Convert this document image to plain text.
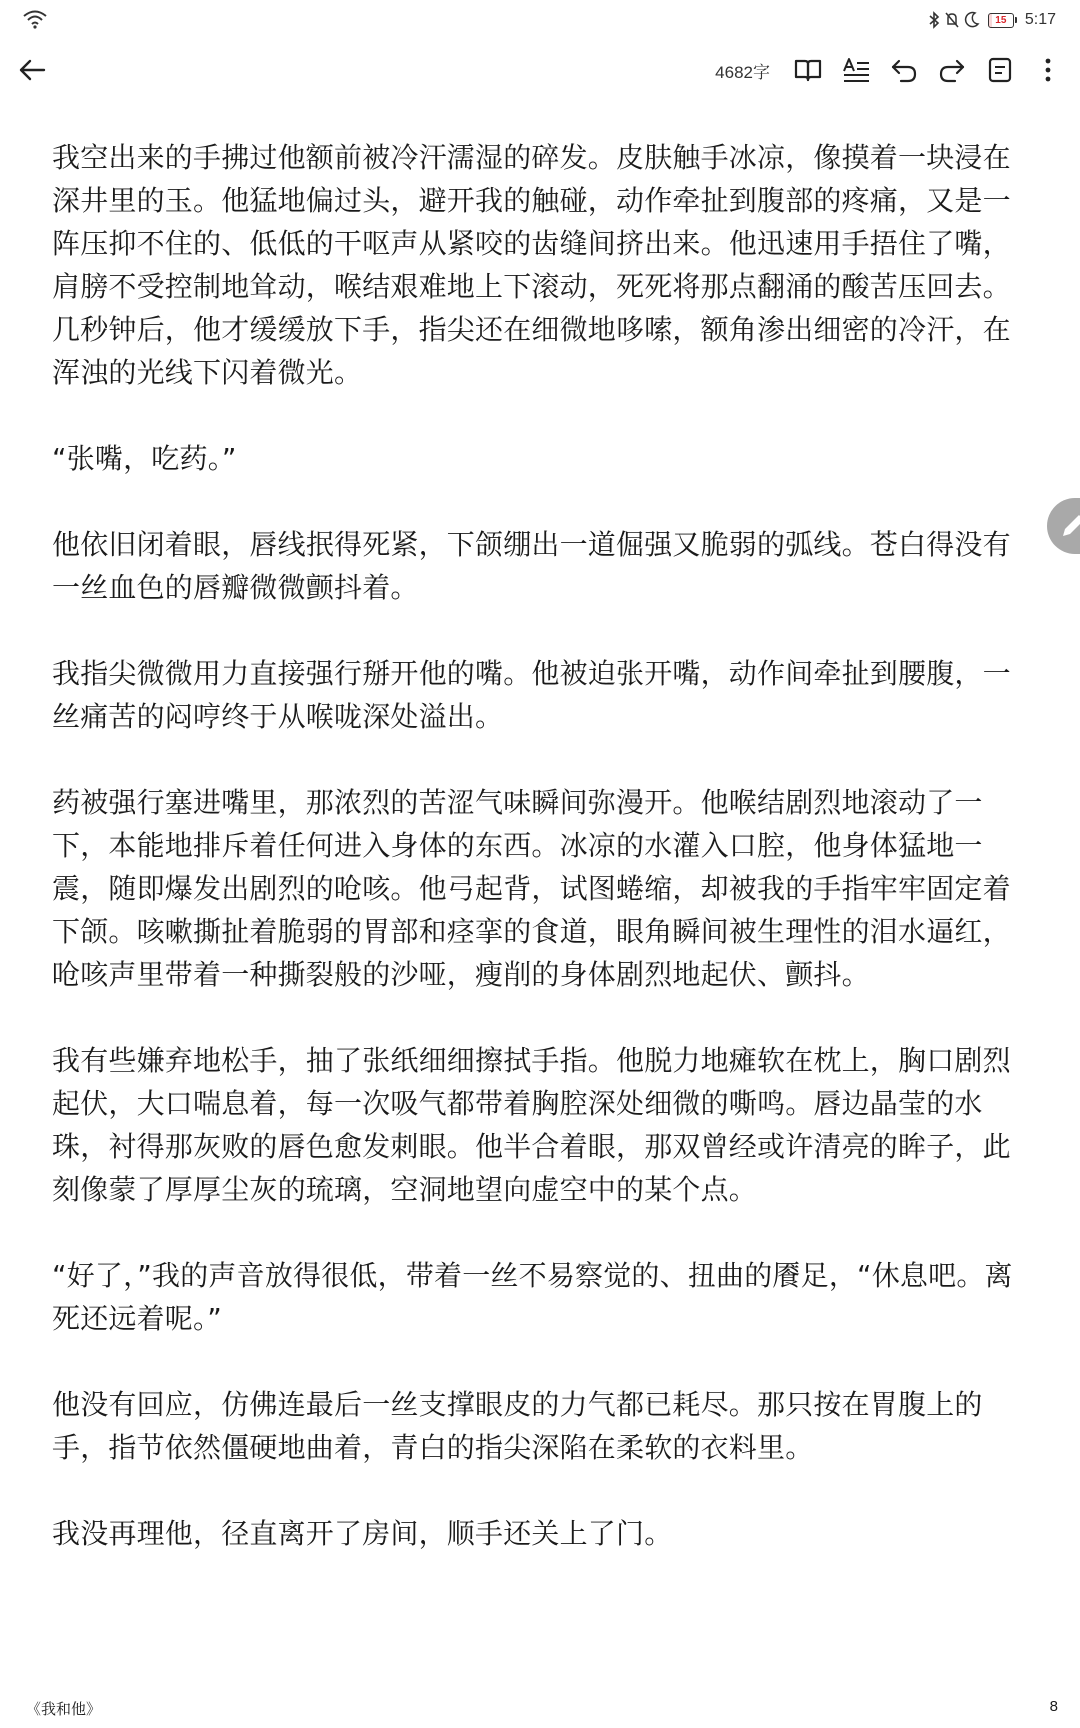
15	5:17
4682字

我空出来的手拂过他额前被冷汗濡湿的碎发。皮肤触手冰凉，像摸着一块浸在深井里的玉。他猛地偏过头，避开我的触碰，动作牵扯到腹部的疼痛，又是一阵压抑不住的、低低的干呕声从紧咬的齿缝间挤出来。他迅速用手捂住了嘴，肩膀不受控制地耸动，喉结艰难地上下滚动，死死将那点翻涌的酸苦压回去。几秒钟后，他才缓缓放下手，指尖还在细微地哆嗦，额角渗出细密的冷汗，在浑浊的光线下闪着微光。

“张嘴，吃药。”

他依旧闭着眼，唇线抿得死紧，下颌绷出一道倔强又脆弱的弧线。苍白得没有一丝血色的唇瓣微微颤抖着。

我指尖微微用力直接强行掰开他的嘴。他被迫张开嘴，动作间牵扯到腰腹，一丝痛苦的闷哼终于从喉咙深处溢出。

药被强行塞进嘴里，那浓烈的苦涩气味瞬间弥漫开。他喉结剧烈地滚动了一下，本能地排斥着任何进入身体的东西。冰凉的水灌入口腔，他身体猛地一震，随即爆发出剧烈的呛咳。他弓起背，试图蜷缩，却被我的手指牢牢固定着下颌。咳嗽撕扯着脆弱的胃部和痉挛的食道，眼角瞬间被生理性的泪水逼红，呛咳声里带着一种撕裂般的沙哑，瘦削的身体剧烈地起伏、颤抖。

我有些嫌弃地松手，抽了张纸细细擦拭手指。他脱力地瘫软在枕上，胸口剧烈起伏，大口喘息着，每一次吸气都带着胸腔深处细微的嘶鸣。唇边晶莹的水珠，衬得那灰败的唇色愈发刺眼。他半合着眼，那双曾经或许清亮的眸子，此刻像蒙了厚厚尘灰的琉璃，空洞地望向虚空中的某个点。

“好了，”我的声音放得很低，带着一丝不易察觉的、扭曲的餍足，“休息吧。离死还远着呢。”

他没有回应，仿佛连最后一丝支撑眼皮的力气都已耗尽。那只按在胃腹上的手，指节依然僵硬地曲着，青白的指尖深陷在柔软的衣料里。

我没再理他，径直离开了房间，顺手还关上了门。

《我和他》	8
